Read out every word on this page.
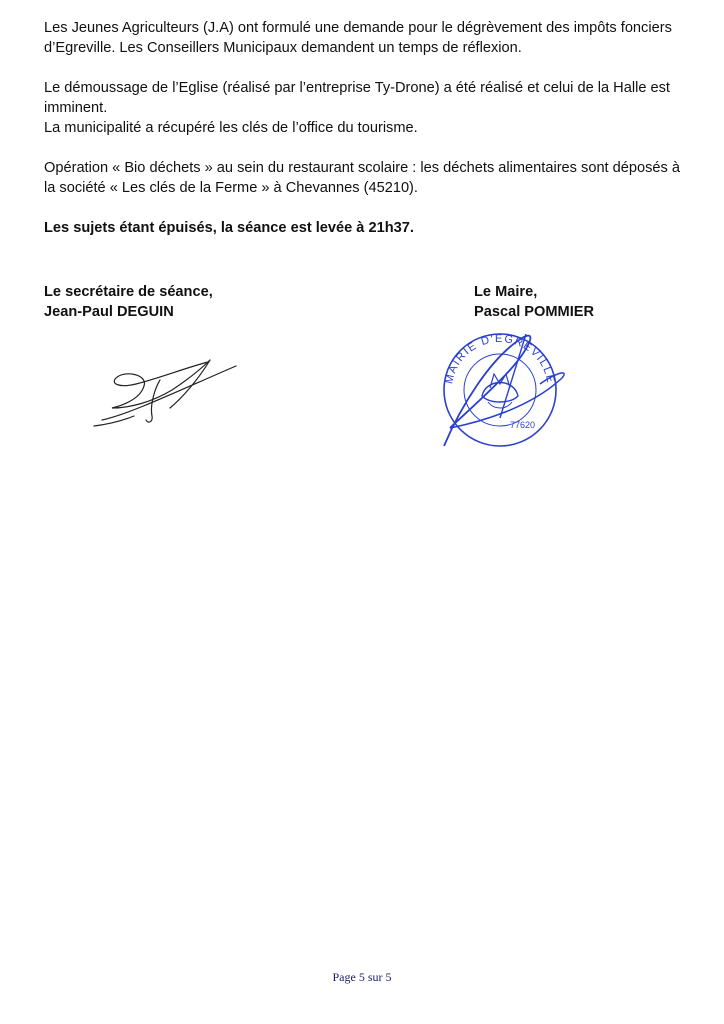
Les Jeunes Agriculteurs (J.A) ont formulé une demande pour le dégrèvement des impôts fonciers
d’Egreville. Les Conseillers Municipaux demandent un temps de réflexion.

Le démoussage de l’Eglise (réalisé par l’entreprise Ty-Drone) a été réalisé et celui de la Halle est
imminent.
La municipalité a récupéré les clés de l’office du tourisme.

Opération « Bio déchets » au sein du restaurant scolaire : les déchets alimentaires sont déposés à
la société « Les clés de la Ferme » à Chevannes (45210).

Les sujets étant épuisés, la séance est levée à 21h37.

Le secrétaire de séance,
Jean-Paul DEGUIN
Le Maire,
Pascal POMMIER
MAIRIE D'EGREVILLE
77620
Page 5 sur 5
